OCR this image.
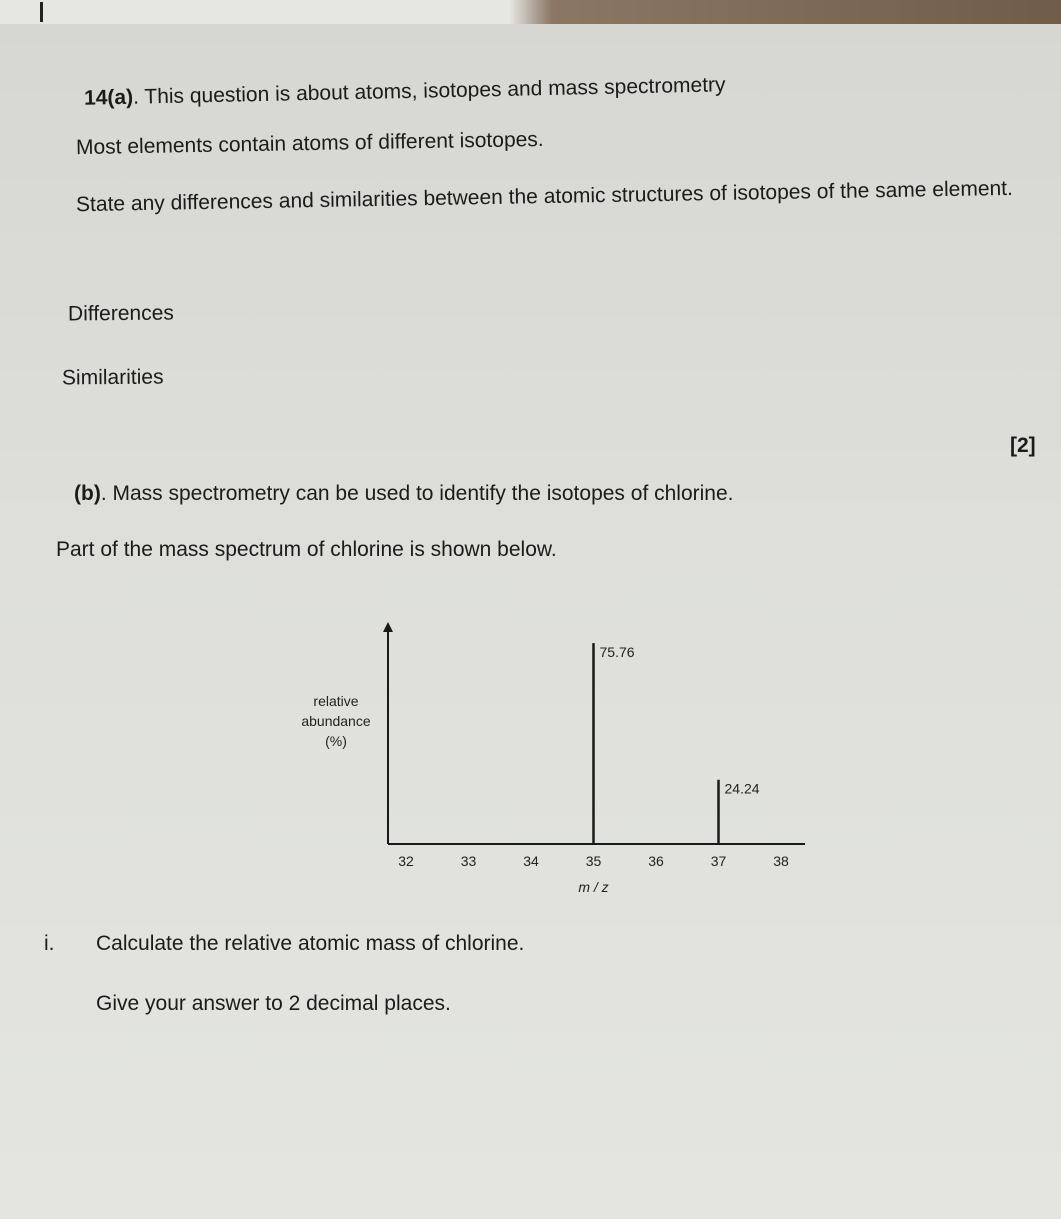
14(a). This question is about atoms, isotopes and mass spectrometry
Most elements contain atoms of different isotopes.
State any differences and similarities between the atomic structures of isotopes of the same element.
Differences
Similarities
[2]
(b). Mass spectrometry can be used to identify the isotopes of chlorine.
Part of the mass spectrum of chlorine is shown below.
32	33	34	35	36	37	38
m / z
relative
abundance
(%)
75.76
24.24
i. Calculate the relative atomic mass of chlorine.
Give your answer to 2 decimal places.
